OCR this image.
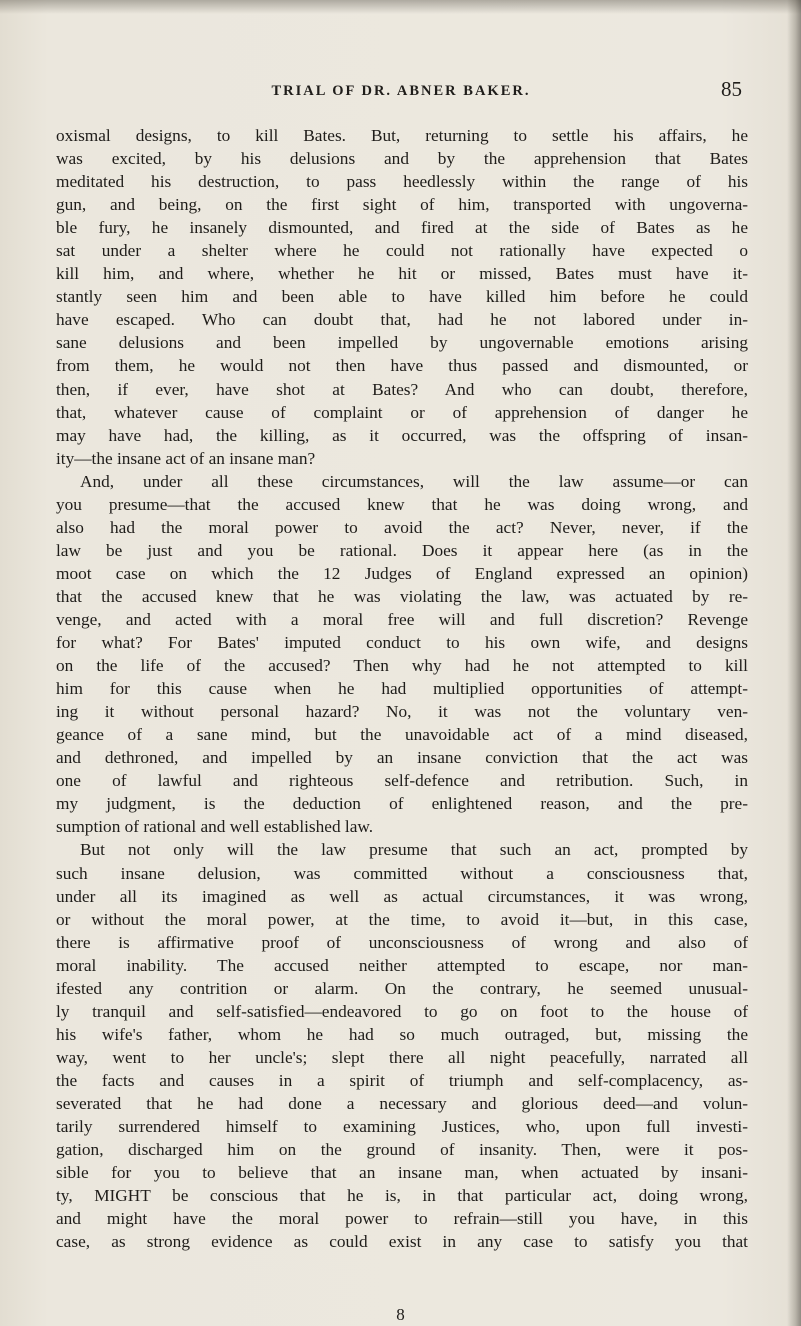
TRIAL OF DR. ABNER BAKER.	85
oxismal designs, to kill Bates. But, returning to settle his affairs, he
was excited, by his delusions and by the apprehension that Bates
meditated his destruction, to pass heedlessly within the range of his
gun, and being, on the first sight of him, transported with ungoverna-
ble fury, he insanely dismounted, and fired at the side of Bates as he
sat under a shelter where he could not rationally have expected o
kill him, and where, whether he hit or missed, Bates must have it-
stantly seen him and been able to have killed him before he could
have escaped. Who can doubt that, had he not labored under in-
sane delusions and been impelled by ungovernable emotions arising
from them, he would not then have thus passed and dismounted, or
then, if ever, have shot at Bates? And who can doubt, therefore,
that, whatever cause of complaint or of apprehension of danger he
may have had, the killing, as it occurred, was the offspring of insan-
ity—the insane act of an insane man?
And, under all these circumstances, will the law assume—or can
you presume—that the accused knew that he was doing wrong, and
also had the moral power to avoid the act? Never, never, if the
law be just and you be rational. Does it appear here (as in the
moot case on which the 12 Judges of England expressed an opinion)
that the accused knew that he was violating the law, was actuated by re-
venge, and acted with a moral free will and full discretion? Revenge
for what? For Bates' imputed conduct to his own wife, and designs
on the life of the accused? Then why had he not attempted to kill
him for this cause when he had multiplied opportunities of attempt-
ing it without personal hazard? No, it was not the voluntary ven-
geance of a sane mind, but the unavoidable act of a mind diseased,
and dethroned, and impelled by an insane conviction that the act was
one of lawful and righteous self-defence and retribution. Such, in
my judgment, is the deduction of enlightened reason, and the pre-
sumption of rational and well established law.
But not only will the law presume that such an act, prompted by
such insane delusion, was committed without a consciousness that,
under all its imagined as well as actual circumstances, it was wrong,
or without the moral power, at the time, to avoid it—but, in this case,
there is affirmative proof of unconsciousness of wrong and also of
moral inability. The accused neither attempted to escape, nor man-
ifested any contrition or alarm. On the contrary, he seemed unusual-
ly tranquil and self-satisfied—endeavored to go on foot to the house of
his wife's father, whom he had so much outraged, but, missing the
way, went to her uncle's; slept there all night peacefully, narrated all
the facts and causes in a spirit of triumph and self-complacency, as-
severated that he had done a necessary and glorious deed—and volun-
tarily surrendered himself to examining Justices, who, upon full investi-
gation, discharged him on the ground of insanity. Then, were it pos-
sible for you to believe that an insane man, when actuated by insani-
ty, MIGHT be conscious that he is, in that particular act, doing wrong,
and might have the moral power to refrain—still you have, in this
case, as strong evidence as could exist in any case to satisfy you that
8
